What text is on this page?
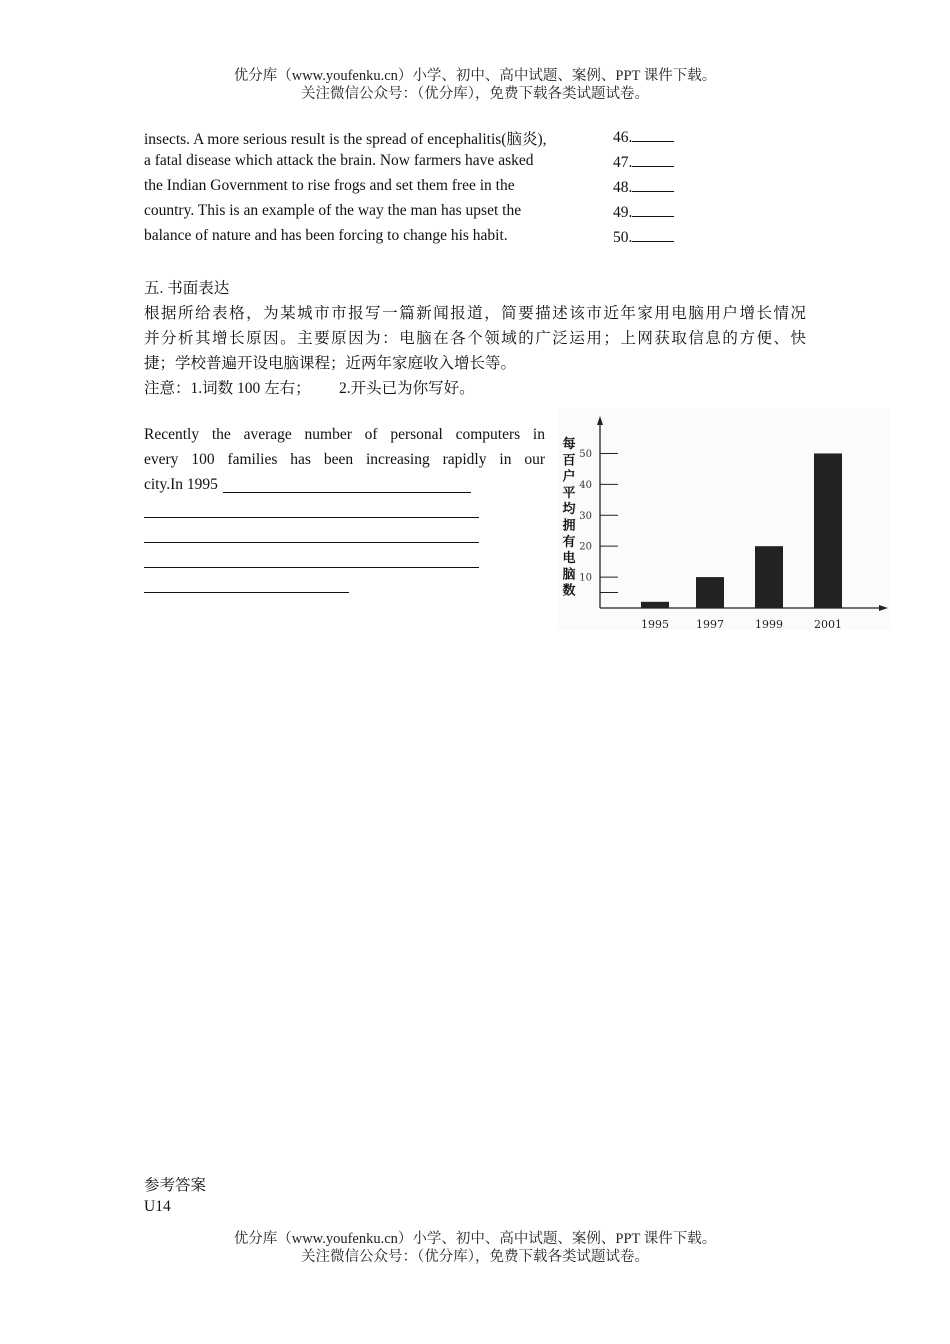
优分库（www.youfenku.cn）小学、初中、高中试题、案例、PPT 课件下载。
关注微信公众号：（优分库），免费下载各类试题试卷。
insects. A more serious result is the spread of encephalitis(脑炎),	46.
a fatal disease which attack the brain. Now farmers have asked	47.
the Indian Government to rise frogs and set them free in the	48.
country. This is an example of the way the man has upset the	49.
balance of nature and has been forcing to change his habit.	50.
五. 书面表达
根据所给表格，为某城市市报写一篇新闻报道，简要描述该市近年家用电脑用户增长情况
并分析其增长原因。主要原因为：电脑在各个领域的广泛运用；上网获取信息的方便、快
捷；学校普遍开设电脑课程；近两年家庭收入增长等。
注意：1.词数 100 左右； 2.开头已为你写好。
Recently the average number of personal computers in
every 100 families has been increasing rapidly in our
city.In 1995
每
百
户
平
均
拥
有
电
脑
数
10
20
30
40
50
1995 1997	1999	2001
参考答案
U14
优分库（www.youfenku.cn）小学、初中、高中试题、案例、PPT 课件下载。
关注微信公众号：（优分库），免费下载各类试题试卷。
